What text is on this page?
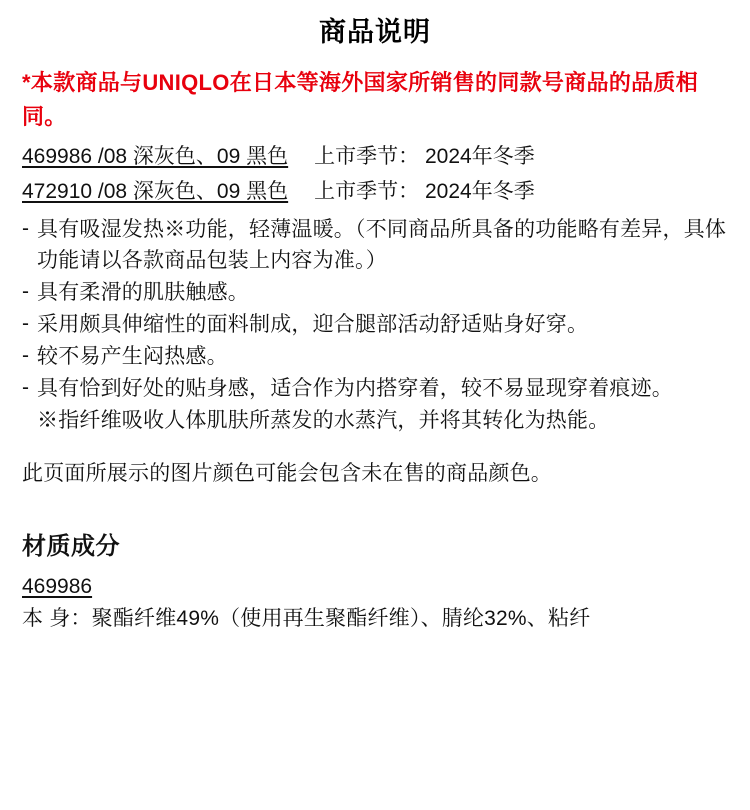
商品说明
*本款商品与UNIQLO在日本等海外国家所销售的同款号商品的品质相同。
469986 /08 深灰色、09 黑色 上市季节： 2024年冬季
472910 /08 深灰色、09 黑色 上市季节： 2024年冬季
- 具有吸湿发热※功能，轻薄温暖。（不同商品所具备的功能略有差异，具体功能请以各款商品包装上内容为准。）
- 具有柔滑的肌肤触感。
- 采用颇具伸缩性的面料制成，迎合腿部活动舒适贴身好穿。
- 较不易产生闷热感。
- 具有恰到好处的贴身感，适合作为内搭穿着，较不易显现穿着痕迹。
※指纤维吸收人体肌肤所蒸发的水蒸汽，并将其转化为热能。
此页面所展示的图片颜色可能会包含未在售的商品颜色。
材质成分
469986
本 身：聚酯纤维49%（使用再生聚酯纤维）、腈纶32%、粘纤
